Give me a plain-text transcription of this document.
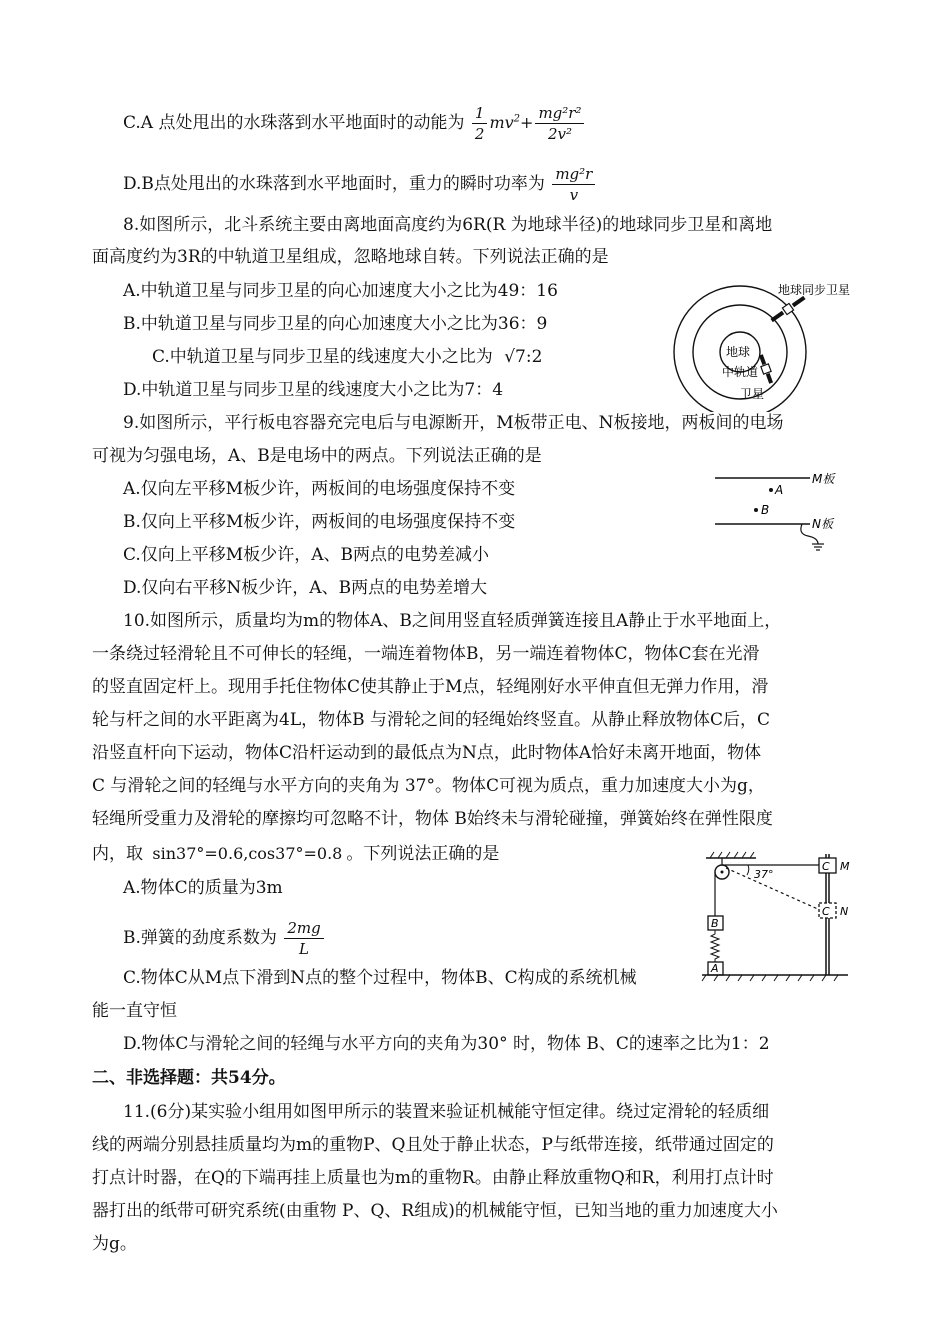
C.A 点处甩出的水珠落到水平地面时的动能为 $\frac{1}{2} mv^2+ \frac{\text{mg²r²}}{\text{2v²}}$
D.B点处甩出的水珠落到水平地面时，重力的瞬时功率为 $\frac{\text{mg²r}}{v}$
8.如图所示，北斗系统主要由离地面高度约为6R(R 为地球半径)的地球同步卫星和离地
面高度约为3R的中轨道卫星组成，忽略地球自转。下列说法正确的是
A.中轨道卫星与同步卫星的向心加速度大小之比为49：16
B.中轨道卫星与同步卫星的向心加速度大小之比为36：9
C.中轨道卫星与同步卫星的线速度大小之比为 √7:2
D.中轨道卫星与同步卫星的线速度大小之比为7：4
地球
地球同步卫星
中轨道
卫星
9.如图所示，平行板电容器充完电后与电源断开，M板带正电、N板接地，两板间的电场
可视为匀强电场，A、B是电场中的两点。下列说法正确的是
A.仅向左平移M板少许，两板间的电场强度保持不变
B.仅向上平移M板少许，两板间的电场强度保持不变
C.仅向上平移M板少许，A、B两点的电势差减小
D.仅向右平移N板少许，A、B两点的电势差增大
M板
A
B
N板
10.如图所示，质量均为m的物体A、B之间用竖直轻质弹簧连接且A静止于水平地面上，
一条绕过轻滑轮且不可伸长的轻绳，一端连着物体B，另一端连着物体C，物体C套在光滑
的竖直固定杆上。现用手托住物体C使其静止于M点，轻绳刚好水平伸直但无弹力作用，滑
轮与杆之间的水平距离为4L，物体B 与滑轮之间的轻绳始终竖直。从静止释放物体C后，C
沿竖直杆向下运动，物体C沿杆运动到的最低点为N点，此时物体A恰好未离开地面，物体
C 与滑轮之间的轻绳与水平方向的夹角为 37°。物体C可视为质点，重力加速度大小为g，
轻绳所受重力及滑轮的摩擦均可忽略不计，物体 B始终未与滑轮碰撞，弹簧始终在弹性限度
内，取 sin37°=0.6,cos37°=0.8 。下列说法正确的是
A.物体C的质量为3m
B.弹簧的劲度系数为 $\frac{2mg}{L}$
C.物体C从M点下滑到N点的整个过程中，物体B、C构成的系统机械
能一直守恒
D.物体C与滑轮之间的轻绳与水平方向的夹角为30° 时，物体 B、C的速率之比为1：2
37°
B
A
C M
C N
二、非选择题：共54分。
11.(6分)某实验小组用如图甲所示的装置来验证机械能守恒定律。绕过定滑轮的轻质细
线的两端分别悬挂质量均为m的重物P、Q且处于静止状态，P与纸带连接，纸带通过固定的
打点计时器，在Q的下端再挂上质量也为m的重物R。由静止释放重物Q和R，利用打点计时
器打出的纸带可研究系统(由重物 P、Q、R组成)的机械能守恒，已知当地的重力加速度大小
为g。
